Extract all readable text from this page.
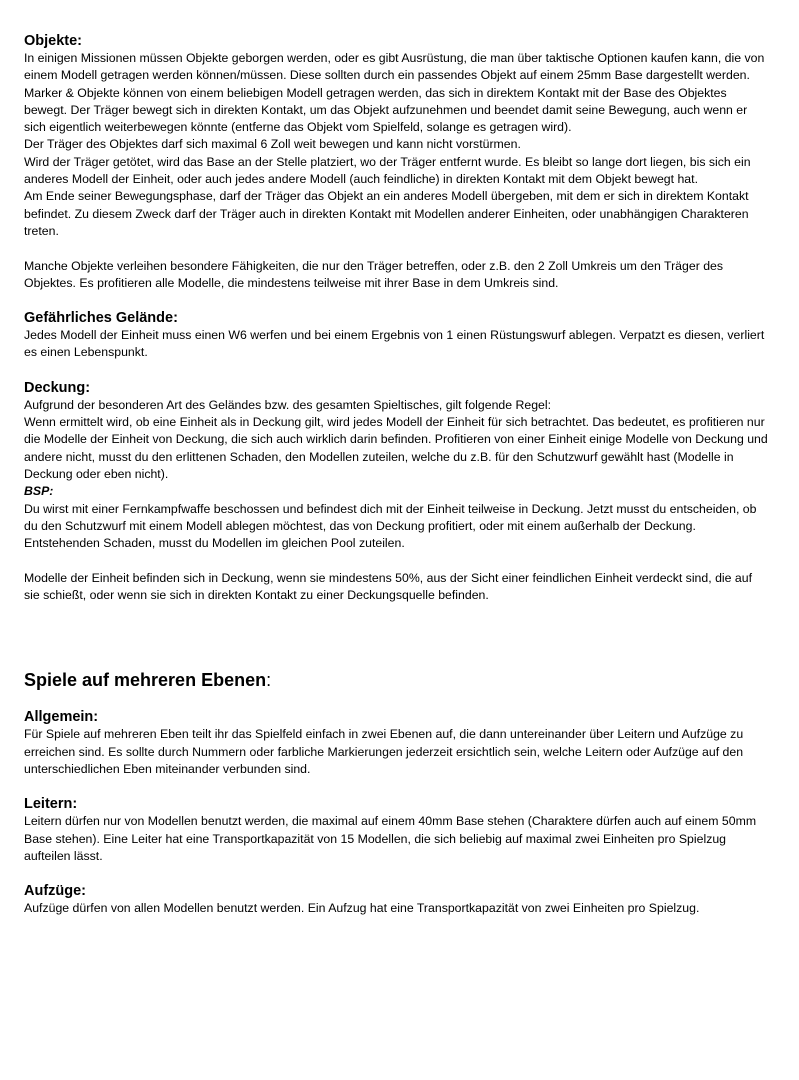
Objekte:
In einigen Missionen müssen Objekte geborgen werden, oder es gibt Ausrüstung, die man über taktische Optionen kaufen kann, die von einem Modell getragen werden können/müssen. Diese sollten durch ein passendes Objekt auf einem 25mm Base dargestellt werden.
Marker & Objekte können von einem beliebigen Modell getragen werden, das sich in direktem Kontakt mit der Base des Objektes bewegt. Der Träger bewegt sich in direkten Kontakt, um das Objekt aufzunehmen und beendet damit seine Bewegung, auch wenn er sich eigentlich weiterbewegen könnte (entferne das Objekt vom Spielfeld, solange es getragen wird).
Der Träger des Objektes darf sich maximal 6 Zoll weit bewegen und kann nicht vorstürmen.
Wird der Träger getötet, wird das Base an der Stelle platziert, wo der Träger entfernt wurde. Es bleibt so lange dort liegen, bis sich ein anderes Modell der Einheit, oder auch jedes andere Modell (auch feindliche) in direkten Kontakt mit dem Objekt bewegt hat.
Am Ende seiner Bewegungsphase, darf der Träger das Objekt an ein anderes Modell übergeben, mit dem er sich in direktem Kontakt befindet. Zu diesem Zweck darf der Träger auch in direkten Kontakt mit Modellen anderer Einheiten, oder unabhängigen Charakteren treten.
Manche Objekte verleihen besondere Fähigkeiten, die nur den Träger betreffen, oder z.B. den 2 Zoll Umkreis um den Träger des Objektes. Es profitieren alle Modelle, die mindestens teilweise mit ihrer Base in dem Umkreis sind.
Gefährliches Gelände:
Jedes Modell der Einheit muss einen W6 werfen und bei einem Ergebnis von 1 einen Rüstungswurf ablegen. Verpatzt es diesen, verliert es einen Lebenspunkt.
Deckung:
Aufgrund der besonderen Art des Geländes bzw. des gesamten Spieltisches, gilt folgende Regel:
Wenn ermittelt wird, ob eine Einheit als in Deckung gilt, wird jedes Modell der Einheit für sich betrachtet. Das bedeutet, es profitieren nur die Modelle der Einheit von Deckung, die sich auch wirklich darin befinden. Profitieren von einer Einheit einige Modelle von Deckung und andere nicht, musst du den erlittenen Schaden, den Modellen zuteilen, welche du z.B. für den Schutzwurf gewählt hast (Modelle in Deckung oder eben nicht).
BSP:
Du wirst mit einer Fernkampfwaffe beschossen und befindest dich mit der Einheit teilweise in Deckung. Jetzt musst du entscheiden, ob du den Schutzwurf mit einem Modell ablegen möchtest, das von Deckung profitiert, oder mit einem außerhalb der Deckung. Entstehenden Schaden, musst du Modellen im gleichen Pool zuteilen.
Modelle der Einheit befinden sich in Deckung, wenn sie mindestens 50%, aus der Sicht einer feindlichen Einheit verdeckt sind, die auf sie schießt, oder wenn sie sich in direkten Kontakt zu einer Deckungsquelle befinden.
Spiele auf mehreren Ebenen:
Allgemein:
Für Spiele auf mehreren Eben teilt ihr das Spielfeld einfach in zwei Ebenen auf, die dann untereinander über Leitern und Aufzüge zu erreichen sind. Es sollte durch Nummern oder farbliche Markierungen jederzeit ersichtlich sein, welche Leitern oder Aufzüge auf den unterschiedlichen Eben miteinander verbunden sind.
Leitern:
Leitern dürfen nur von Modellen benutzt werden, die maximal auf einem 40mm Base stehen (Charaktere dürfen auch auf einem 50mm Base stehen). Eine Leiter hat eine Transportkapazität von 15 Modellen, die sich beliebig auf maximal zwei Einheiten pro Spielzug aufteilen lässt.
Aufzüge:
Aufzüge dürfen von allen Modellen benutzt werden. Ein Aufzug hat eine Transportkapazität von zwei Einheiten pro Spielzug.
